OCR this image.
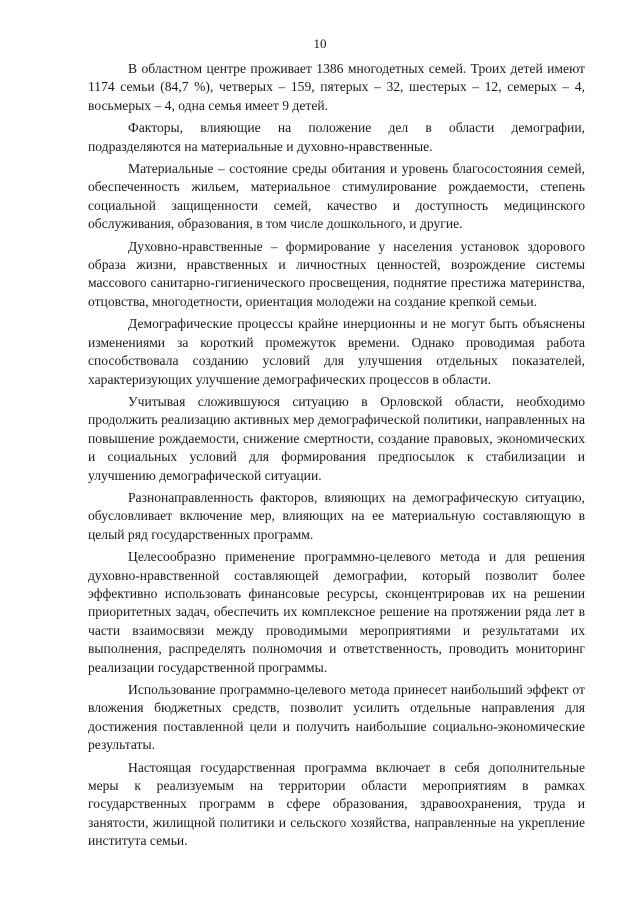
10

В областном центре проживает 1386 многодетных семей. Троих детей имеют 1174 семьи (84,7 %), четверых – 159, пятерых – 32, шестерых – 12, семерых – 4, восьмерых – 4, одна семья имеет 9 детей.

Факторы, влияющие на положение дел в области демографии, подразделяются на материальные и духовно-нравственные.

Материальные – состояние среды обитания и уровень благосостояния семей, обеспеченность жильем, материальное стимулирование рождаемости, степень социальной защищенности семей, качество и доступность медицинского обслуживания, образования, в том числе дошкольного, и другие.

Духовно-нравственные – формирование у населения установок здорового образа жизни, нравственных и личностных ценностей, возрождение системы массового санитарно-гигиенического просвещения, поднятие престижа материнства, отцовства, многодетности, ориентация молодежи на создание крепкой семьи.

Демографические процессы крайне инерционны и не могут быть объяснены изменениями за короткий промежуток времени. Однако проводимая работа способствовала созданию условий для улучшения отдельных показателей, характеризующих улучшение демографических процессов в области.

Учитывая сложившуюся ситуацию в Орловской области, необходимо продолжить реализацию активных мер демографической политики, направленных на повышение рождаемости, снижение смертности, создание правовых, экономических и социальных условий для формирования предпосылок к стабилизации и улучшению демографической ситуации.

Разнонаправленность факторов, влияющих на демографическую ситуацию, обусловливает включение мер, влияющих на ее материальную составляющую в целый ряд государственных программ.

Целесообразно применение программно-целевого метода и для решения духовно-нравственной составляющей демографии, который позволит более эффективно использовать финансовые ресурсы, сконцентрировав их на решении приоритетных задач, обеспечить их комплексное решение на протяжении ряда лет в части взаимосвязи между проводимыми мероприятиями и результатами их выполнения, распределять полномочия и ответственность, проводить мониторинг реализации государственной программы.

Использование программно-целевого метода принесет наибольший эффект от вложения бюджетных средств, позволит усилить отдельные направления для достижения поставленной цели и получить наибольшие социально-экономические результаты.

Настоящая государственная программа включает в себя дополнительные меры к реализуемым на территории области мероприятиям в рамках государственных программ в сфере образования, здравоохранения, труда и занятости, жилищной политики и сельского хозяйства, направленные на укрепление института семьи.
